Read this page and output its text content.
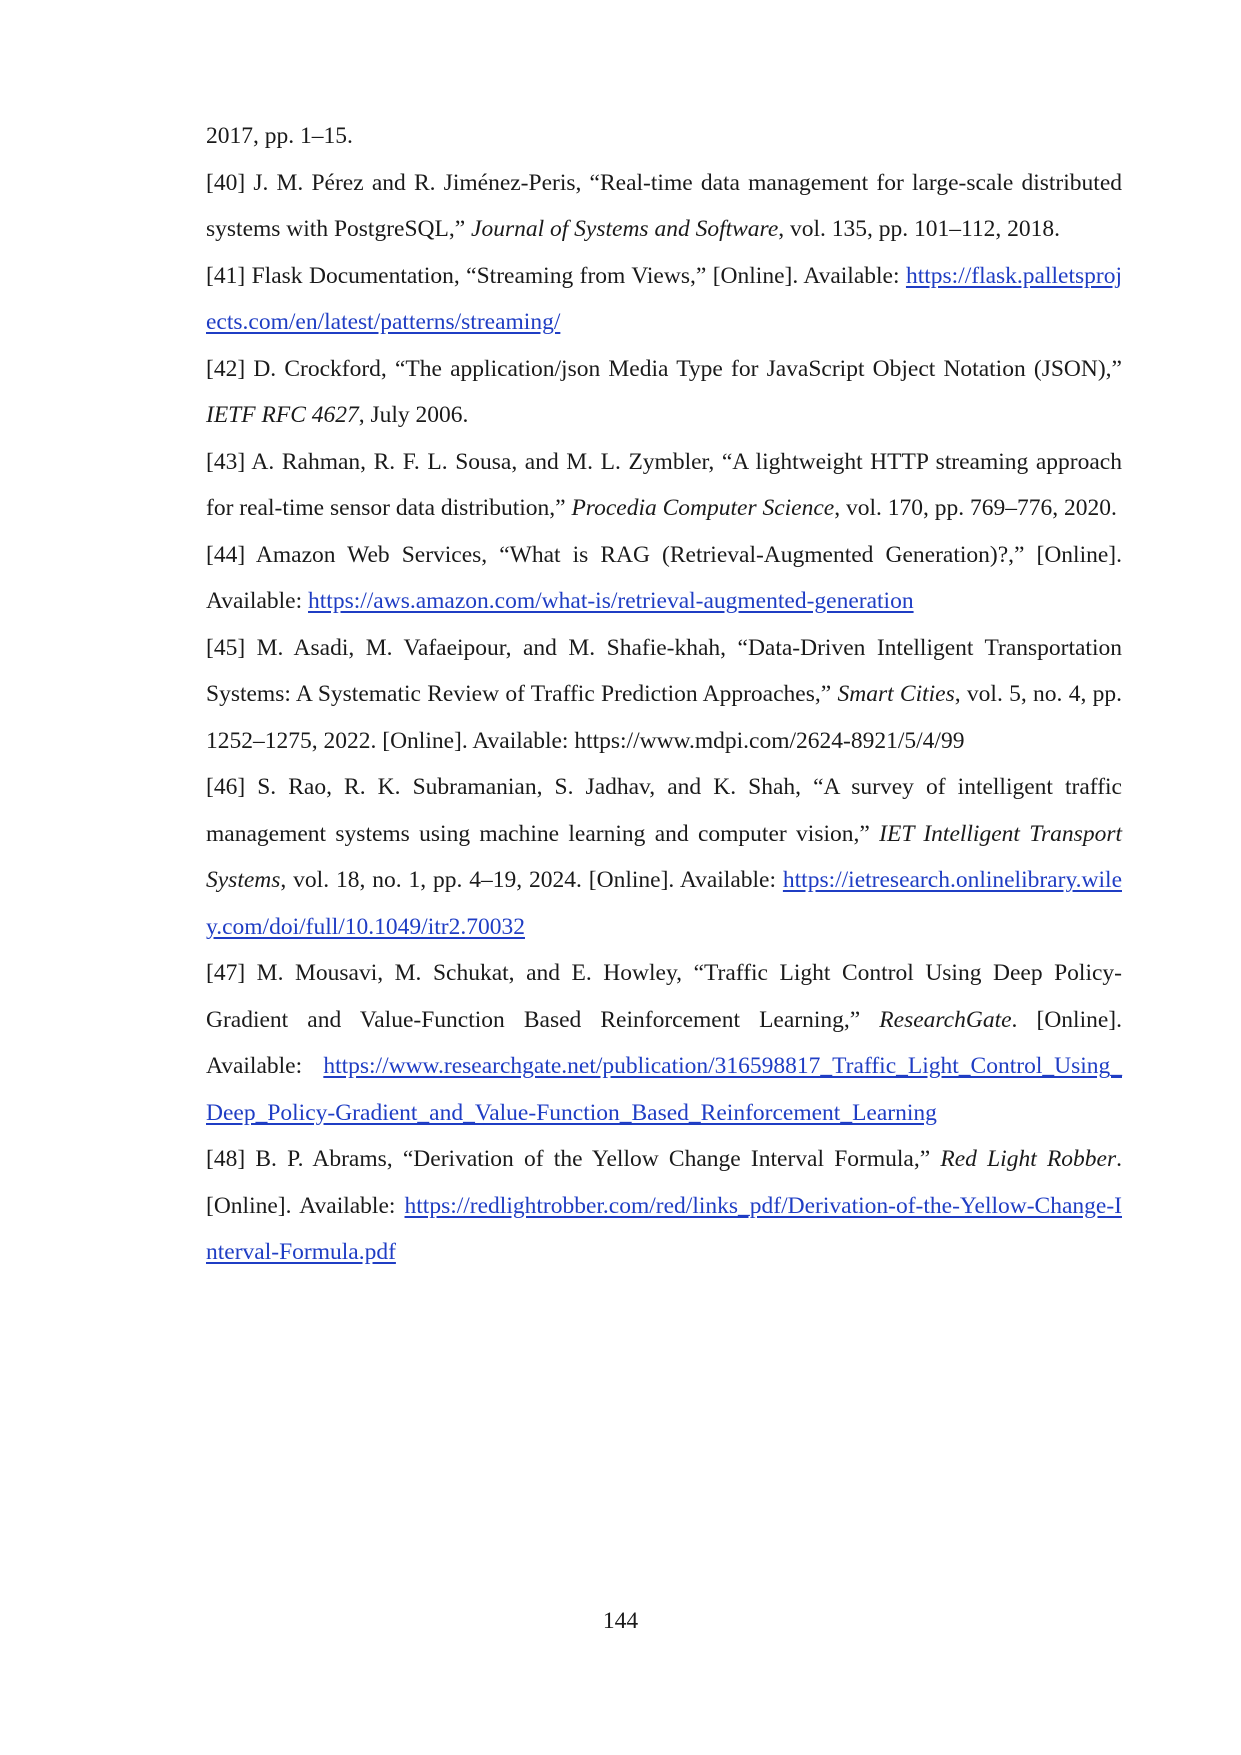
2017, pp. 1–15.

[40] J. M. Pérez and R. Jiménez-Peris, “Real-time data management for large-scale distributed systems with PostgreSQL,” Journal of Systems and Software, vol. 135, pp. 101–112, 2018.

[41] Flask Documentation, “Streaming from Views,” [Online]. Available: https://flask.palletsprojects.com/en/latest/patterns/streaming/

[42] D. Crockford, “The application/json Media Type for JavaScript Object Notation (JSON),” IETF RFC 4627, July 2006.

[43] A. Rahman, R. F. L. Sousa, and M. L. Zymbler, “A lightweight HTTP streaming approach for real-time sensor data distribution,” Procedia Computer Science, vol. 170, pp. 769–776, 2020.

[44] Amazon Web Services, “What is RAG (Retrieval-Augmented Generation)?,” [Online]. Available: https://aws.amazon.com/what-is/retrieval-augmented-generation

[45] M. Asadi, M. Vafaeipour, and M. Shafie-khah, “Data-Driven Intelligent Transportation Systems: A Systematic Review of Traffic Prediction Approaches,” Smart Cities, vol. 5, no. 4, pp. 1252–1275, 2022. [Online]. Available: https://www.mdpi.com/2624-8921/5/4/99

[46] S. Rao, R. K. Subramanian, S. Jadhav, and K. Shah, “A survey of intelligent traffic management systems using machine learning and computer vision,” IET Intelligent Transport Systems, vol. 18, no. 1, pp. 4–19, 2024. [Online]. Available: https://ietresearch.onlinelibrary.wiley.com/doi/full/10.1049/itr2.70032

[47] M. Mousavi, M. Schukat, and E. Howley, “Traffic Light Control Using Deep Policy-Gradient and Value-Function Based Reinforcement Learning,” ResearchGate. [Online]. Available: https://www.researchgate.net/publication/316598817_Traffic_Light_Control_Using_Deep_Policy-Gradient_and_Value-Function_Based_Reinforcement_Learning

[48] B. P. Abrams, “Derivation of the Yellow Change Interval Formula,” Red Light Robber. [Online]. Available: https://redlightrobber.com/red/links_pdf/Derivation-of-the-Yellow-Change-Interval-Formula.pdf

144
